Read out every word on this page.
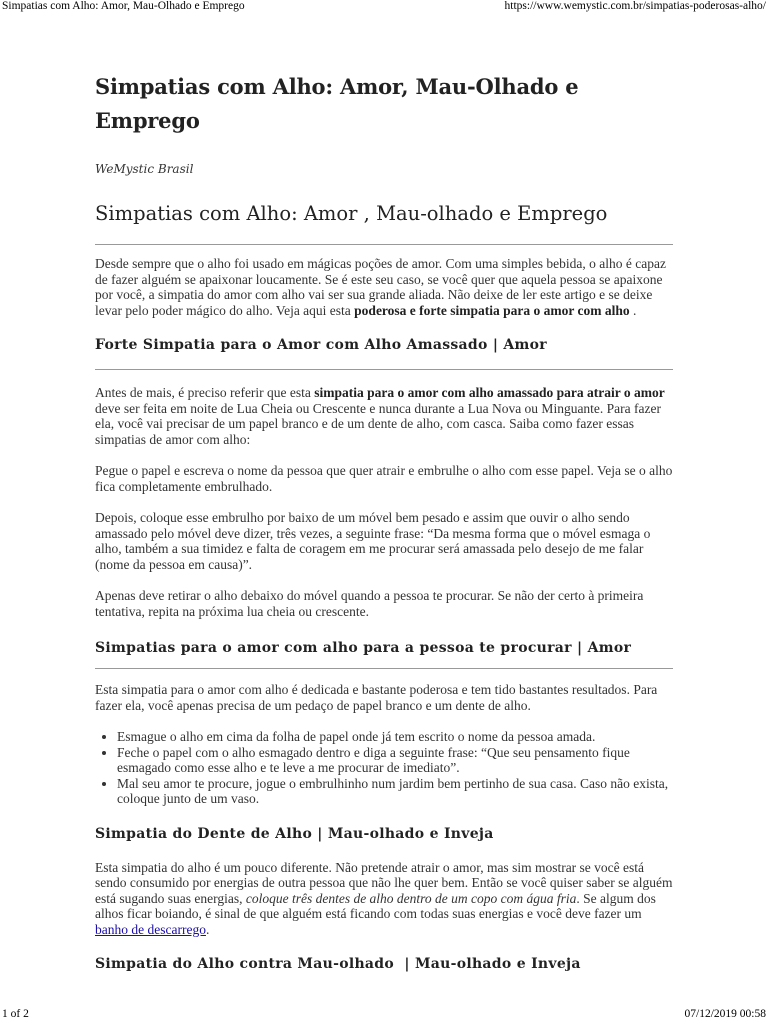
Simpatias com Alho: Amor, Mau-Olhado e Emprego	https://www.wemystic.com.br/simpatias-poderosas-alho/
Simpatias com Alho: Amor, Mau-Olhado e Emprego
WeMystic Brasil
Simpatias com Alho: Amor , Mau-olhado e Emprego

Desde sempre que o alho foi usado em mágicas poções de amor. Com uma simples bebida, o alho é capaz de fazer alguém se apaixonar loucamente. Se é este seu caso, se você quer que aquela pessoa se apaixone por você, a simpatia do amor com alho vai ser sua grande aliada. Não deixe de ler este artigo e se deixe levar pelo poder mágico do alho. Veja aqui esta poderosa e forte simpatia para o amor com alho .

Forte Simpatia para o Amor com Alho Amassado | Amor

Antes de mais, é preciso referir que esta simpatia para o amor com alho amassado para atrair o amor deve ser feita em noite de Lua Cheia ou Crescente e nunca durante a Lua Nova ou Minguante. Para fazer ela, você vai precisar de um papel branco e de um dente de alho, com casca. Saiba como fazer essas simpatias de amor com alho:

Pegue o papel e escreva o nome da pessoa que quer atrair e embrulhe o alho com esse papel. Veja se o alho fica completamente embrulhado.

Depois, coloque esse embrulho por baixo de um móvel bem pesado e assim que ouvir o alho sendo amassado pelo móvel deve dizer, três vezes, a seguinte frase: “Da mesma forma que o móvel esmaga o alho, também a sua timidez e falta de coragem em me procurar será amassada pelo desejo de me falar (nome da pessoa em causa)”.

Apenas deve retirar o alho debaixo do móvel quando a pessoa te procurar. Se não der certo à primeira tentativa, repita na próxima lua cheia ou crescente.

Simpatias para o amor com alho para a pessoa te procurar | Amor

Esta simpatia para o amor com alho é dedicada e bastante poderosa e tem tido bastantes resultados. Para fazer ela, você apenas precisa de um pedaço de papel branco e um dente de alho.

• Esmague o alho em cima da folha de papel onde já tem escrito o nome da pessoa amada.
• Feche o papel com o alho esmagado dentro e diga a seguinte frase: “Que seu pensamento fique esmagado como esse alho e te leve a me procurar de imediato”.
• Mal seu amor te procure, jogue o embrulhinho num jardim bem pertinho de sua casa. Caso não exista, coloque junto de um vaso.
Simpatia do Dente de Alho | Mau-olhado e Inveja

Esta simpatia do alho é um pouco diferente. Não pretende atrair o amor, mas sim mostrar se você está sendo consumido por energias de outra pessoa que não lhe quer bem. Então se você quiser saber se alguém está sugando suas energias, coloque três dentes de alho dentro de um copo com água fria. Se algum dos alhos ficar boiando, é sinal de que alguém está ficando com todas suas energias e você deve fazer um banho de descarrego.

Simpatia do Alho contra Mau-olhado  | Mau-olhado e Inveja
1 of 2	07/12/2019 00:58
